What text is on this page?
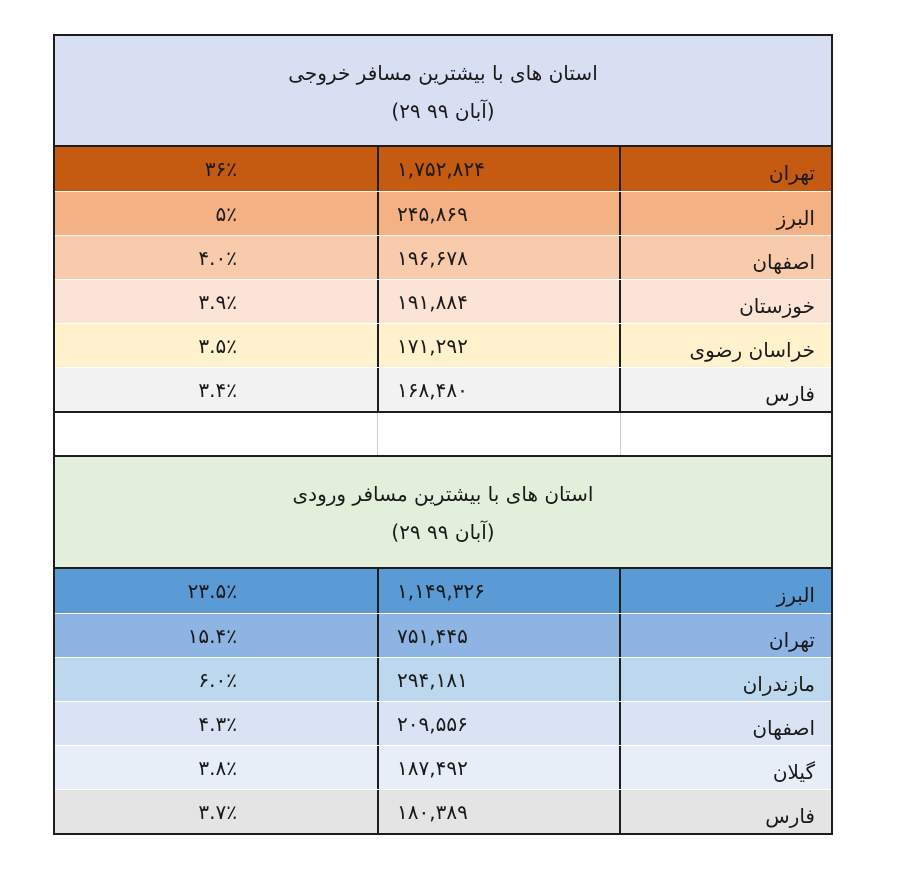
استان های با بیشترین مسافر خروجی
(۲۹ آبان ۹۹)
تهران
۱,۷۵۲,۸۲۴
۳۶٪
البرز
۲۴۵,۸۶۹
۵٪
اصفهان
۱۹۶,۶۷۸
۴.۰٪
خوزستان
۱۹۱,۸۸۴
۳.۹٪
خراسان رضوی
۱۷۱,۲۹۲
۳.۵٪
فارس
۱۶۸,۴۸۰
۳.۴٪
استان های با بیشترین مسافر ورودی
(۲۹ آبان ۹۹)
البرز
۱,۱۴۹,۳۲۶
۲۳.۵٪
تهران
۷۵۱,۴۴۵
۱۵.۴٪
مازندران
۲۹۴,۱۸۱
۶.۰٪
اصفهان
۲۰۹,۵۵۶
۴.۳٪
گیلان
۱۸۷,۴۹۲
۳.۸٪
فارس
۱۸۰,۳۸۹
۳.۷٪
